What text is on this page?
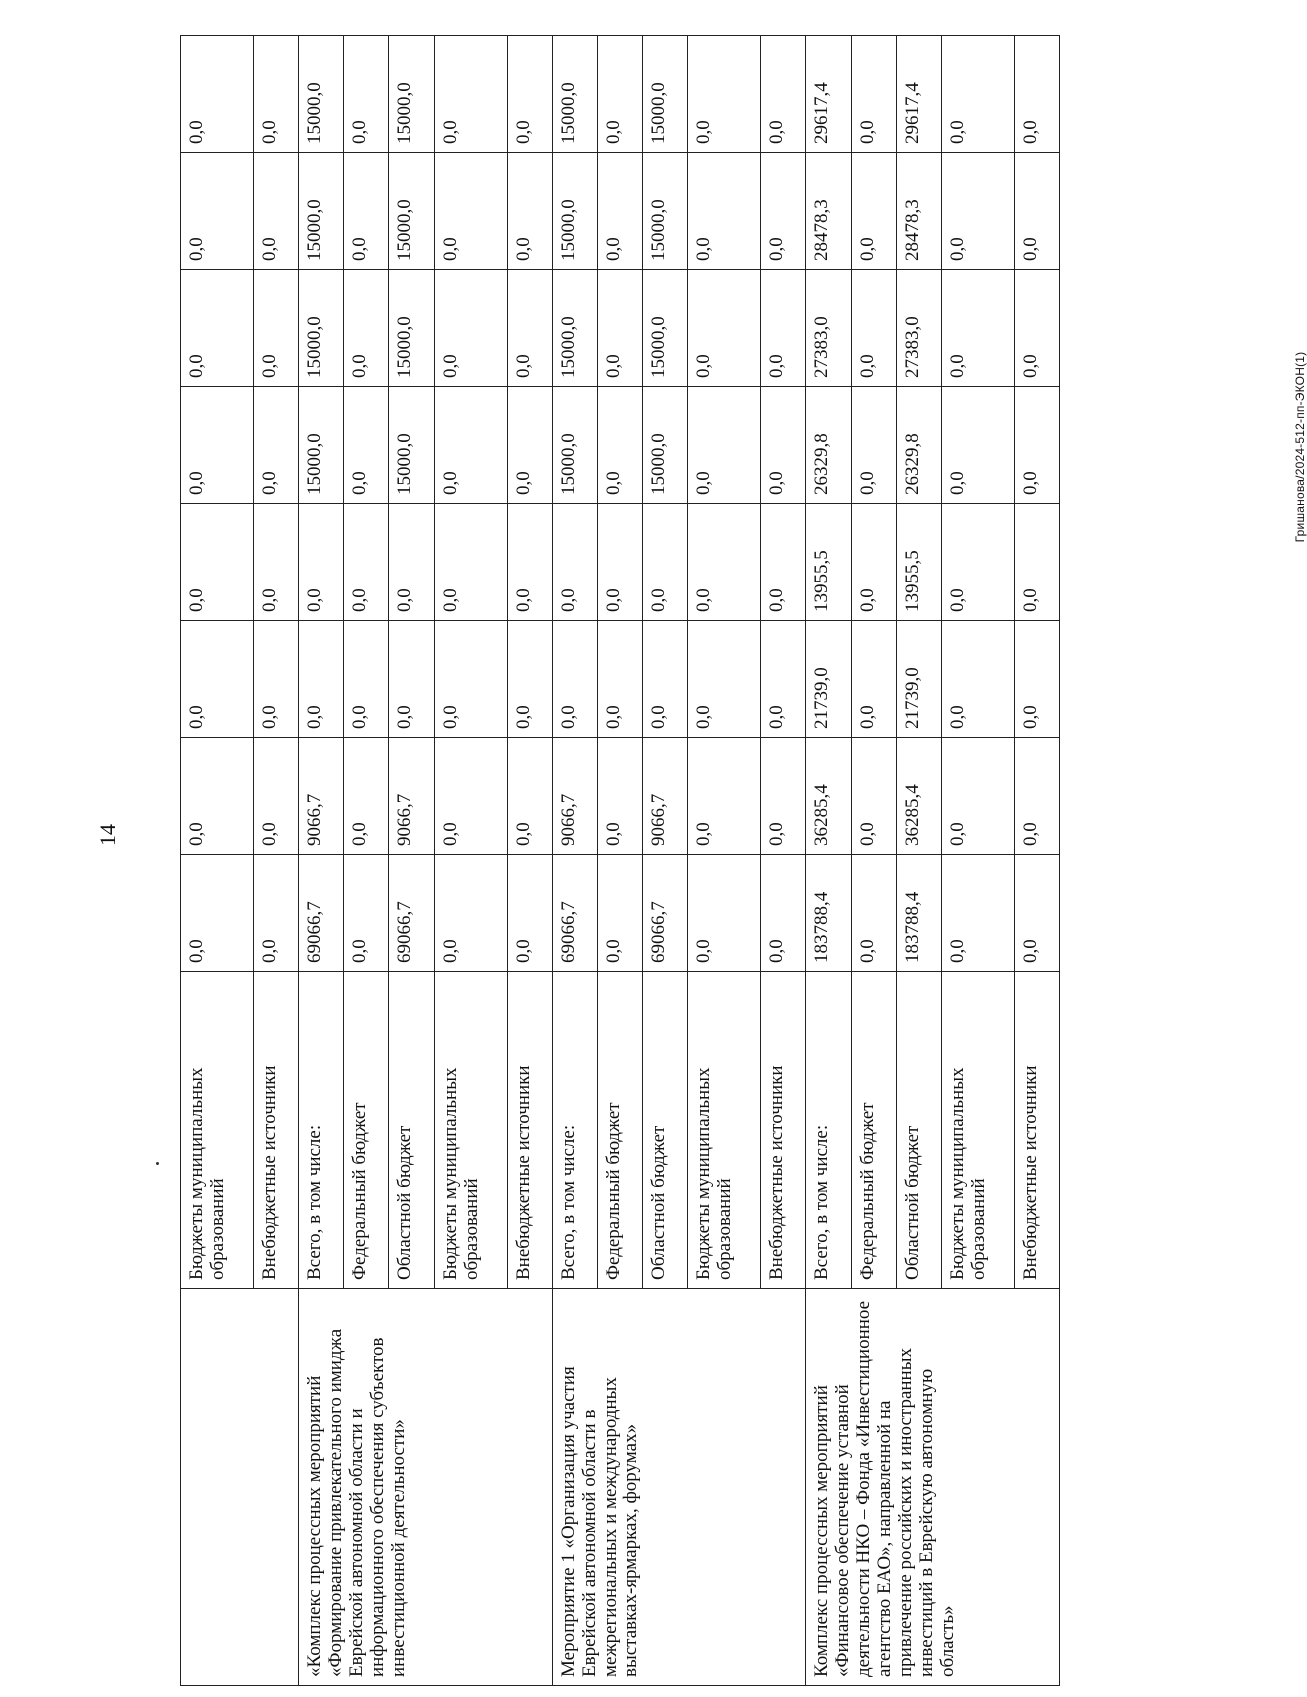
14
Гришанова/2024-512-пп-ЭКОН(1)
	Бюджеты муниципальных образований	0,0	0,0	0,0	0,0	0,0	0,0	0,0	0,0
	Внебюджетные источники	0,0	0,0	0,0	0,0	0,0	0,0	0,0	0,0
«Комплекс процессных мероприятий «Формирование привлекательного имиджа Еврейской автономной области и информационного обеспечения субъектов инвестиционной деятельности»	Всего, в том числе:	69066,7	9066,7	0,0	0,0	15000,0	15000,0	15000,0	15000,0
	Федеральный бюджет	0,0	0,0	0,0	0,0	0,0	0,0	0,0	0,0
	Областной бюджет	69066,7	9066,7	0,0	0,0	15000,0	15000,0	15000,0	15000,0
	Бюджеты муниципальных образований	0,0	0,0	0,0	0,0	0,0	0,0	0,0	0,0
	Внебюджетные источники	0,0	0,0	0,0	0,0	0,0	0,0	0,0	0,0
Мероприятие 1 «Организация участия Еврейской автономной области в межрегиональных и международных выставках-ярмарках, форумах»	Всего, в том числе:	69066,7	9066,7	0,0	0,0	15000,0	15000,0	15000,0	15000,0
	Федеральный бюджет	0,0	0,0	0,0	0,0	0,0	0,0	0,0	0,0
	Областной бюджет	69066,7	9066,7	0,0	0,0	15000,0	15000,0	15000,0	15000,0
	Бюджеты муниципальных образований	0,0	0,0	0,0	0,0	0,0	0,0	0,0	0,0
	Внебюджетные источники	0,0	0,0	0,0	0,0	0,0	0,0	0,0	0,0
Комплекс процессных мероприятий «Финансовое обеспечение уставной деятельности НКО – Фонда «Инвестиционное агентство ЕАО», направленной на привлечение российских и иностранных инвестиций в Еврейскую автономную область»	Всего, в том числе:	183788,4	36285,4	21739,0	13955,5	26329,8	27383,0	28478,3	29617,4
	Федеральный бюджет	0,0	0,0	0,0	0,0	0,0	0,0	0,0	0,0
	Областной бюджет	183788,4	36285,4	21739,0	13955,5	26329,8	27383,0	28478,3	29617,4
	Бюджеты муниципальных образований	0,0	0,0	0,0	0,0	0,0	0,0	0,0	0,0
	Внебюджетные источники	0,0	0,0	0,0	0,0	0,0	0,0	0,0	0,0
